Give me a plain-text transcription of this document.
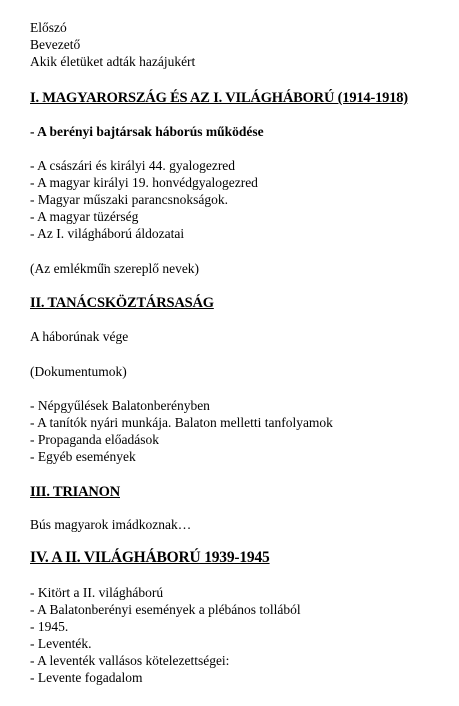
Előszó
Bevezető
Akik életüket adták hazájukért
I. MAGYARORSZÁG ÉS AZ I. VILÁGHÁBORÚ (1914-1918)
- A berényi bajtársak háborús működése
- A császári és királyi 44. gyalogezred
- A magyar királyi 19. honvédgyalogezred
- Magyar műszaki parancsnokságok.
- A magyar tüzérség
- Az I. világháború áldozatai
(Az emlékmű̈n szereplő nevek)
II. TANÁCSKÖZTÁRSASÁG
A háborúnak vége
(Dokumentumok)
- Népgyűlések Balatonberényben
- A tanítók nyári munkája. Balaton melletti tanfolyamok
- Propaganda előadások
- Egyéb események
III. TRIANON
Bús magyarok imádkoznak…
IV. A II. VILÁGHÁBORÚ 1939-1945
- Kitört a II. világháború
- A Balatonberényi események a plébános tollából
- 1945.
- Leventék.
- A leventék vallásos kötelezettségei:
- Levente fogadalom
